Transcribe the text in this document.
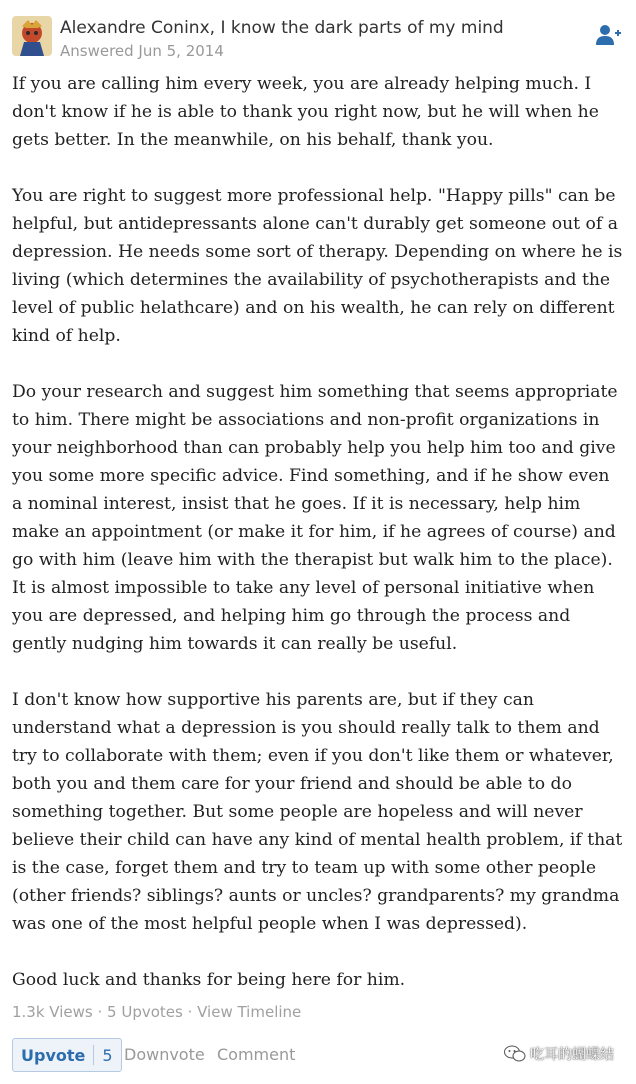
Alexandre Coninx, I know the dark parts of my mind
Answered Jun 5, 2014

If you are calling him every week, you are already helping much. I don't know if he is able to thank you right now, but he will when he gets better. In the meanwhile, on his behalf, thank you.

You are right to suggest more professional help. "Happy pills" can be helpful, but antidepressants alone can't durably get someone out of a depression. He needs some sort of therapy. Depending on where he is living (which determines the availability of psychotherapists and the level of public helathcare) and on his wealth, he can rely on different kind of help.

Do your research and suggest him something that seems appropriate to him. There might be associations and non-profit organizations in your neighborhood than can probably help you help him too and give you some more specific advice. Find something, and if he show even a nominal interest, insist that he goes. If it is necessary, help him make an appointment (or make it for him, if he agrees of course) and go with him (leave him with the therapist but walk him to the place). It is almost impossible to take any level of personal initiative when you are depressed, and helping him go through the process and gently nudging him towards it can really be useful.

I don't know how supportive his parents are, but if they can understand what a depression is you should really talk to them and try to collaborate with them; even if you don't like them or whatever, both you and them care for your friend and should be able to do something together. But some people are hopeless and will never believe their child can have any kind of mental health problem, if that is the case, forget them and try to team up with some other people (other friends? siblings? aunts or uncles? grandparents? my grandma was one of the most helpful people when I was depressed).

Good luck and thanks for being here for him.

1.3k Views · 5 Upvotes · View Timeline
Upvote 5 Downvote Comment	吃耳的蝴蝶结
